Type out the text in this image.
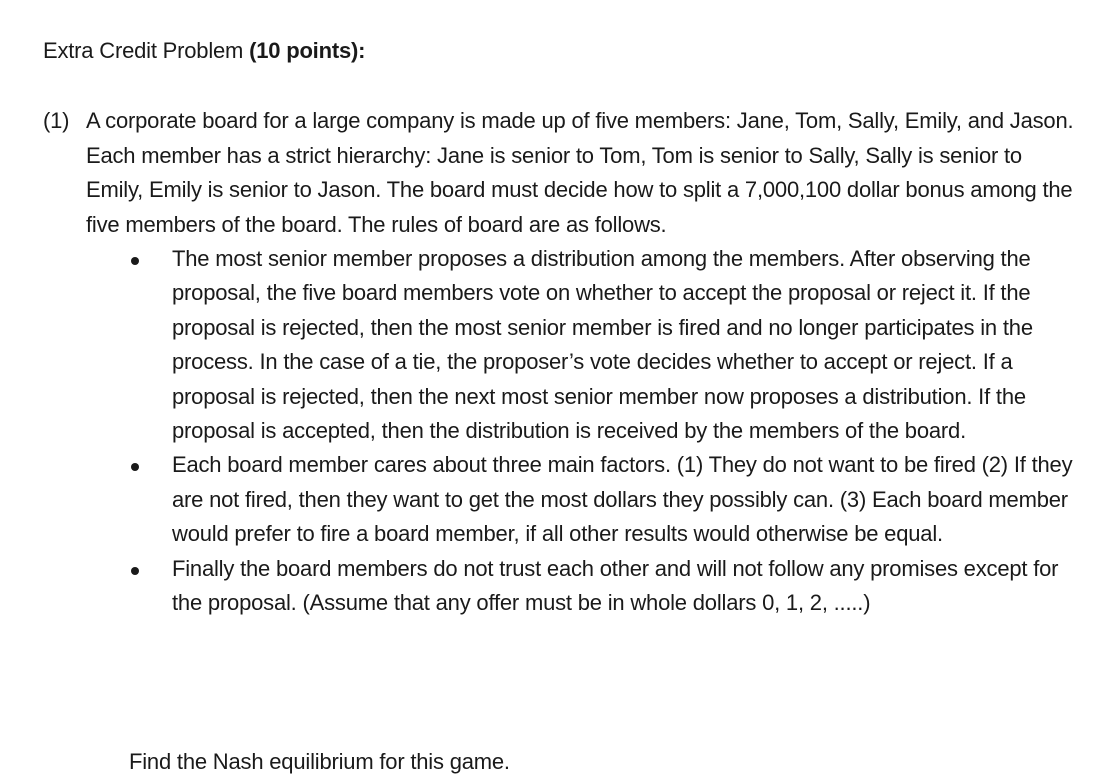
Extra Credit Problem (10 points):
(1) A corporate board for a large company is made up of five members: Jane, Tom, Sally, Emily, and Jason. Each member has a strict hierarchy: Jane is senior to Tom, Tom is senior to Sally, Sally is senior to Emily, Emily is senior to Jason. The board must decide how to split a 7,000,100 dollar bonus among the five members of the board. The rules of board are as follows.
The most senior member proposes a distribution among the members. After observing the proposal, the five board members vote on whether to accept the proposal or reject it. If the proposal is rejected, then the most senior member is fired and no longer participates in the process. In the case of a tie, the proposer’s vote decides whether to accept or reject. If a proposal is rejected, then the next most senior member now proposes a distribution. If the proposal is accepted, then the distribution is received by the members of the board.
Each board member cares about three main factors. (1) They do not want to be fired (2) If they are not fired, then they want to get the most dollars they possibly can. (3) Each board member would prefer to fire a board member, if all other results would otherwise be equal.
Finally the board members do not trust each other and will not follow any promises except for the proposal. (Assume that any offer must be in whole dollars 0, 1, 2, .....)
Find the Nash equilibrium for this game.
